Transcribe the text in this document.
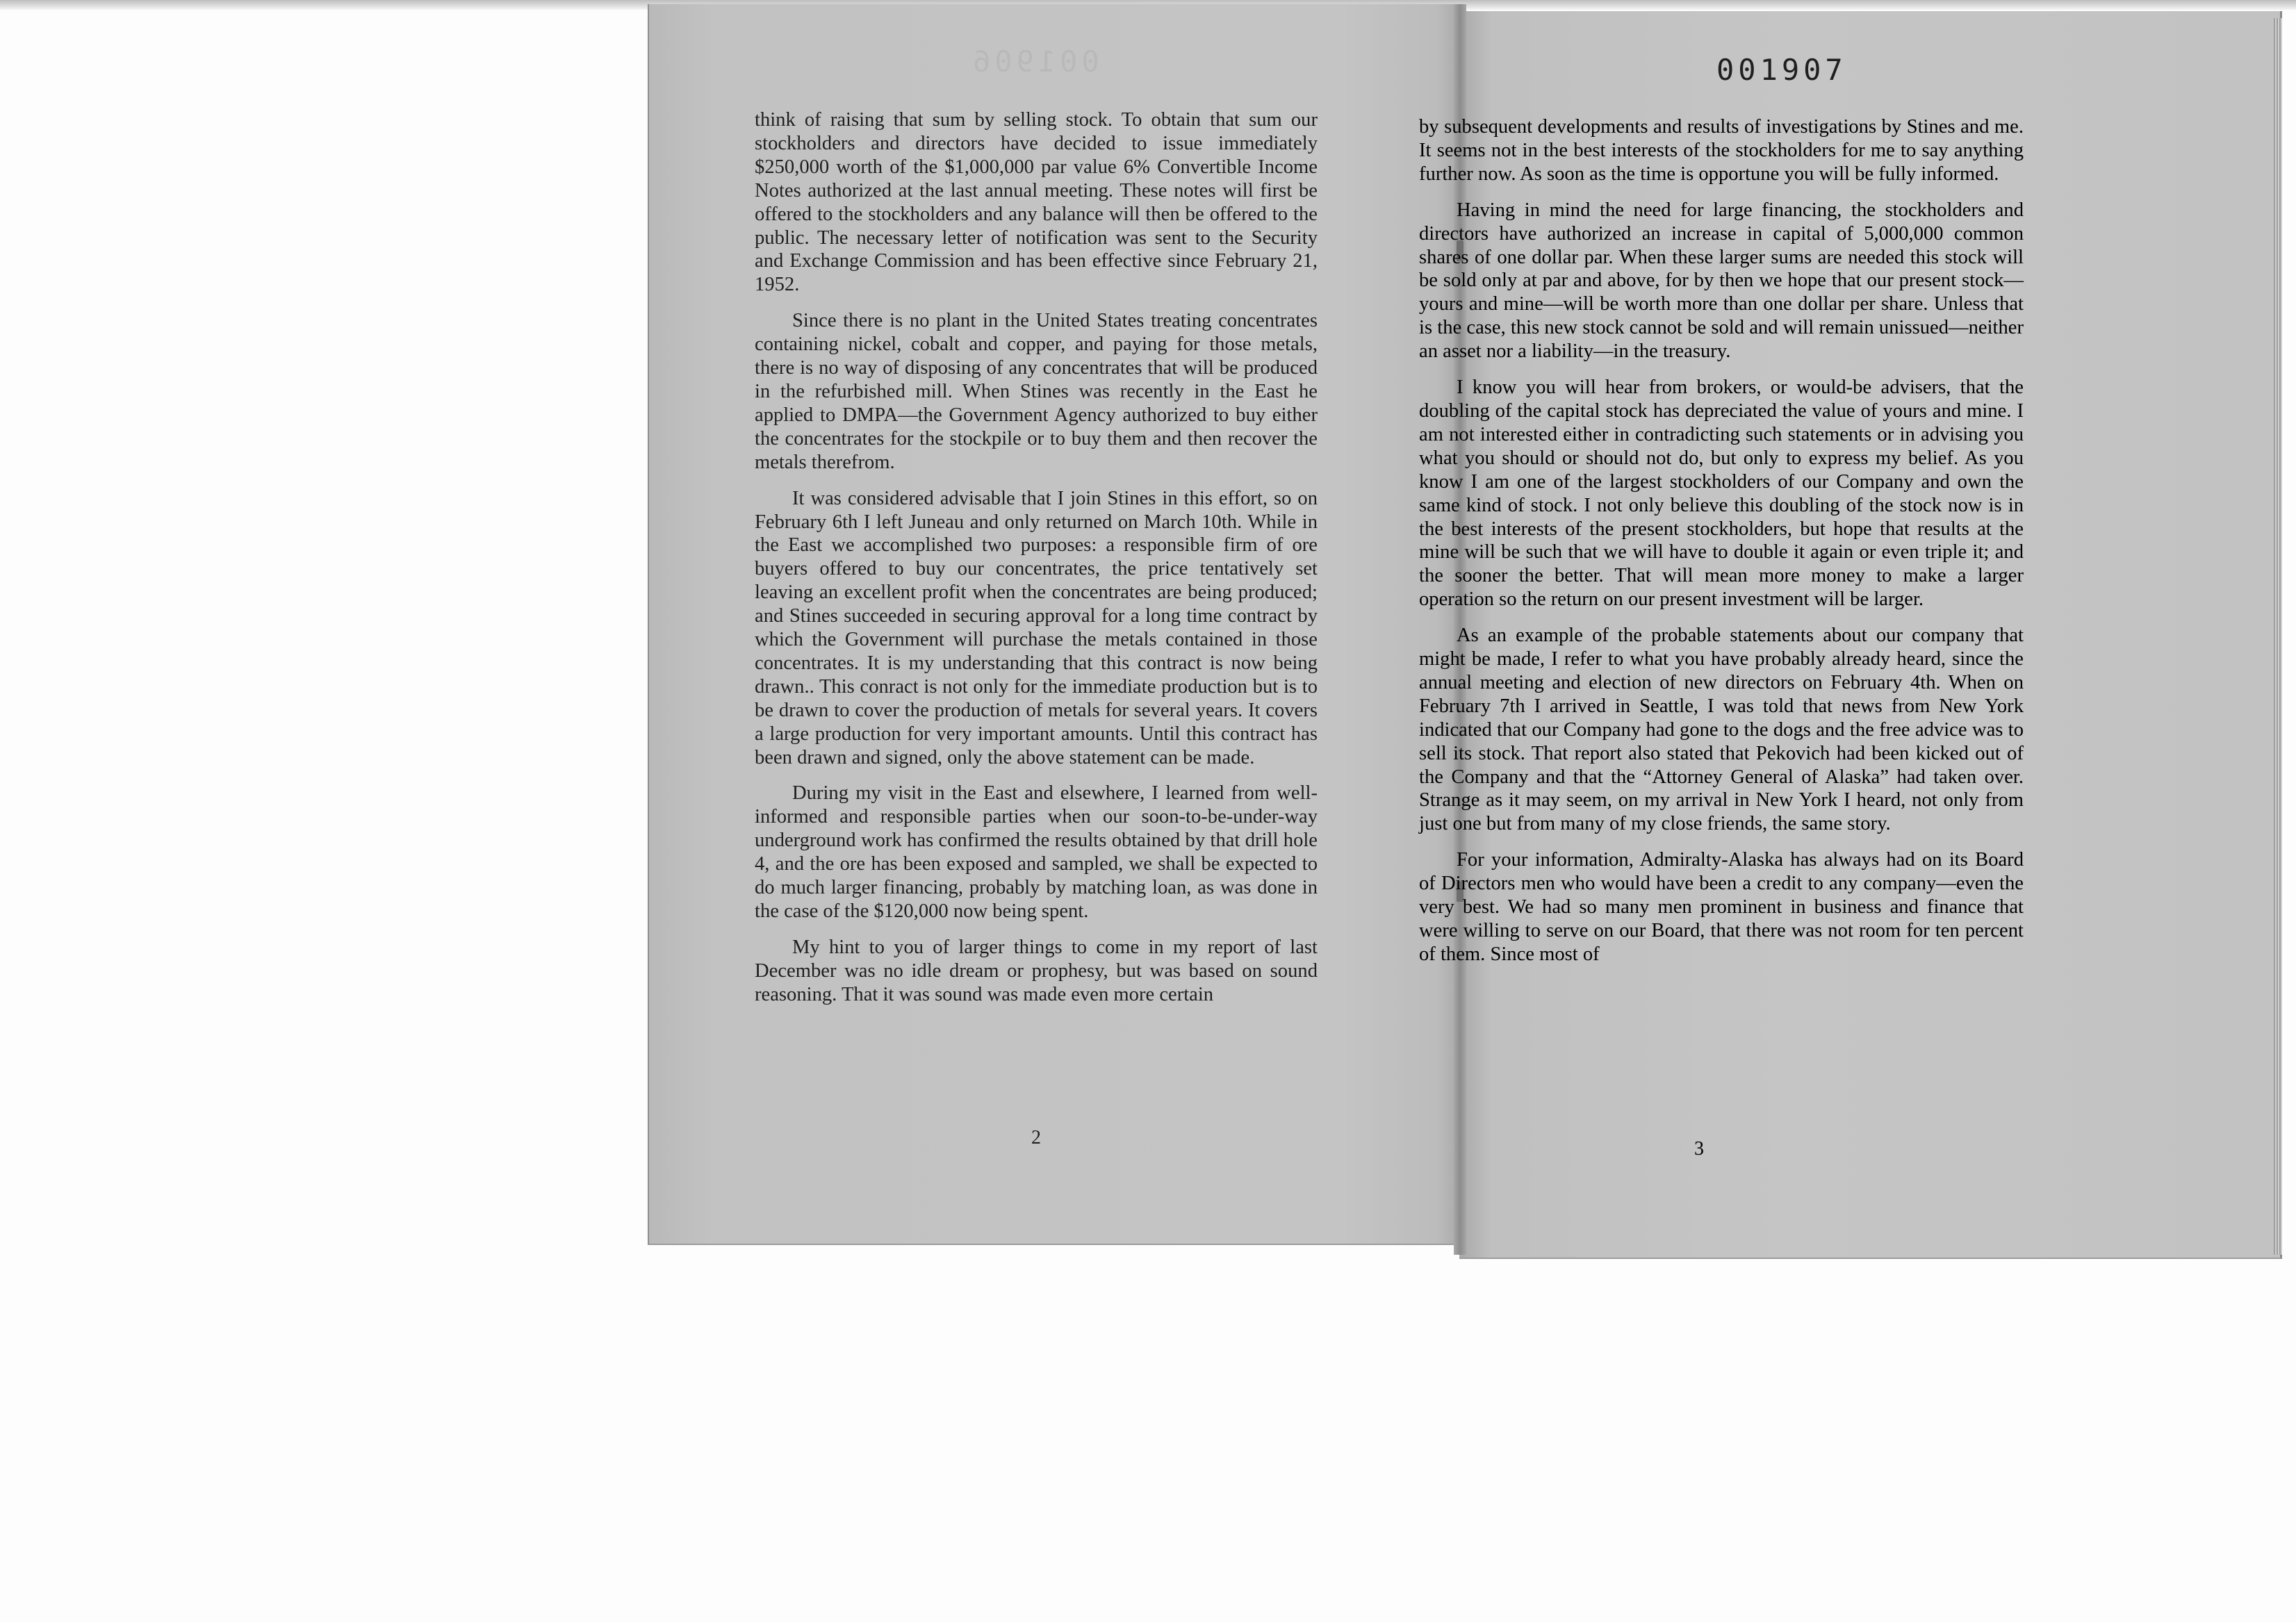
001906

think of raising that sum by selling stock. To obtain that sum our stockholders and directors have decided to issue immediately $250,000 worth of the $1,000,000 par value 6% Convertible Income Notes authorized at the last annual meeting. These notes will first be offered to the stockholders and any balance will then be offered to the public. The necessary letter of notification was sent to the Security and Exchange Commission and has been effective since February 21, 1952.

Since there is no plant in the United States treating concentrates containing nickel, cobalt and copper, and paying for those metals, there is no way of disposing of any concentrates that will be produced in the refurbished mill. When Stines was recently in the East he applied to DMPA—the Government Agency authorized to buy either the concentrates for the stockpile or to buy them and then recover the metals therefrom.

It was considered advisable that I join Stines in this effort, so on February 6th I left Juneau and only returned on March 10th. While in the East we accomplished two purposes: a responsible firm of ore buyers offered to buy our concentrates, the price tentatively set leaving an excellent profit when the concentrates are being produced; and Stines succeeded in securing approval for a long time contract by which the Government will purchase the metals contained in those concentrates. It is my understanding that this contract is now being drawn.. This conract is not only for the immediate production but is to be drawn to cover the production of metals for several years. It covers a large production for very important amounts. Until this contract has been drawn and signed, only the above statement can be made.

During my visit in the East and elsewhere, I learned from well-informed and responsible parties when our soon-to-be-under-way underground work has confirmed the results obtained by that drill hole 4, and the ore has been exposed and sampled, we shall be expected to do much larger financing, probably by matching loan, as was done in the case of the $120,000 now being spent.

My hint to you of larger things to come in my report of last December was no idle dream or prophesy, but was based on sound reasoning. That it was sound was made even more certain

2
001907

by subsequent developments and results of investigations by Stines and me. It seems not in the best interests of the stockholders for me to say anything further now. As soon as the time is opportune you will be fully informed.

Having in mind the need for large financing, the stockholders and directors have authorized an increase in capital of 5,000,000 common shares of one dollar par. When these larger sums are needed this stock will be sold only at par and above, for by then we hope that our present stock—yours and mine—will be worth more than one dollar per share. Unless that is the case, this new stock cannot be sold and will remain unissued—neither an asset nor a liability—in the treasury.

I know you will hear from brokers, or would-be advisers, that the doubling of the capital stock has depreciated the value of yours and mine. I am not interested either in contradicting such statements or in advising you what you should or should not do, but only to express my belief. As you know I am one of the largest stockholders of our Company and own the same kind of stock. I not only believe this doubling of the stock now is in the best interests of the present stockholders, but hope that results at the mine will be such that we will have to double it again or even triple it; and the sooner the better. That will mean more money to make a larger operation so the return on our present investment will be larger.

As an example of the probable statements about our company that might be made, I refer to what you have probably already heard, since the annual meeting and election of new directors on February 4th. When on February 7th I arrived in Seattle, I was told that news from New York indicated that our Company had gone to the dogs and the free advice was to sell its stock. That report also stated that Pekovich had been kicked out of the Company and that the “Attorney General of Alaska” had taken over. Strange as it may seem, on my arrival in New York I heard, not only from just one but from many of my close friends, the same story.

For your information, Admiralty-Alaska has always had on its Board of Directors men who would have been a credit to any company—even the very best. We had so many men prominent in business and finance that were willing to serve on our Board, that there was not room for ten percent of them. Since most of

3
